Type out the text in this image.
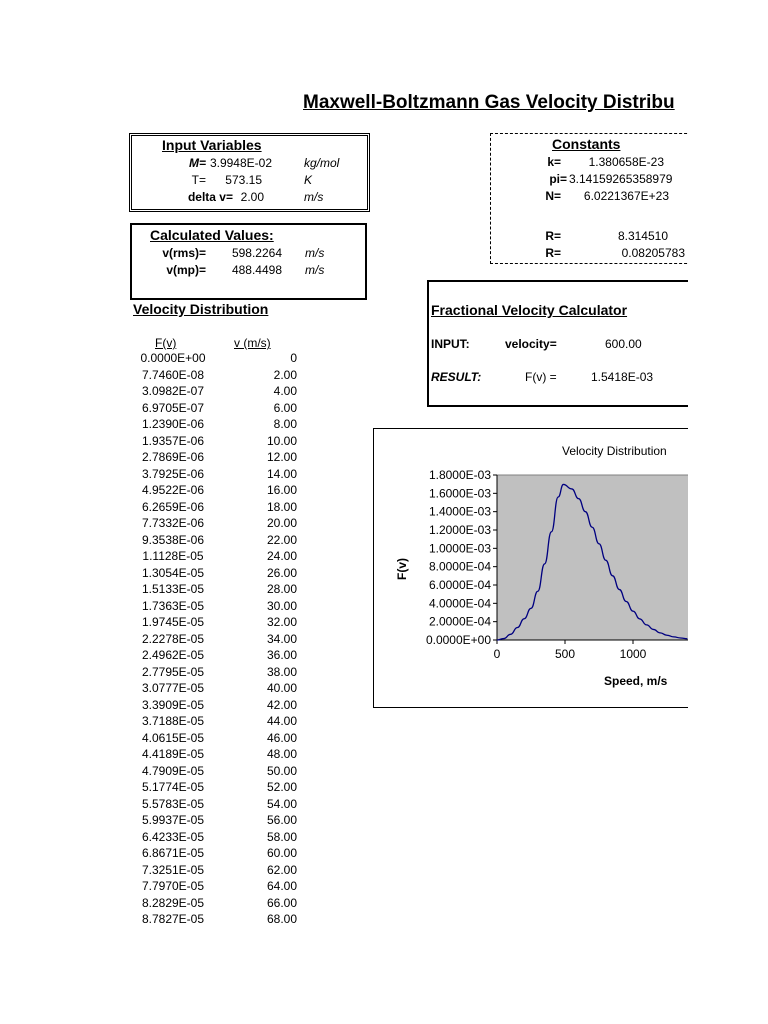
Maxwell-Boltzmann Gas Velocity Distribu
Input Variables
M= 3.9948E-02	kg/mol
T=	573.15	K
delta v= 2.00	m/s
Calculated Values:
v(rms)=	598.2264 m/s
v(mp)=	488.4498 m/s
Constants
k=	1.380658E-23
pi= 3.14159265358979
N=	6.0221367E+23
R=	8.314510
R=	0.08205783
Fractional Velocity Calculator
INPUT:	velocity=	600.00
RESULT:	F(v) =	1.5418E-03
Velocity Distribution
F(v)	v (m/s)
0.0000E+00	0
7.7460E-08	2.00
3.0982E-07	4.00
6.9705E-07	6.00
1.2390E-06	8.00
1.9357E-06	10.00
2.7869E-06	12.00
3.7925E-06	14.00
4.9522E-06	16.00
6.2659E-06	18.00
7.7332E-06	20.00
9.3538E-06	22.00
1.1128E-05	24.00
1.3054E-05	26.00
1.5133E-05	28.00
1.7363E-05	30.00
1.9745E-05	32.00
2.2278E-05	34.00
2.4962E-05	36.00
2.7795E-05	38.00
3.0777E-05	40.00
3.3909E-05	42.00
3.7188E-05	44.00
4.0615E-05	46.00
4.4189E-05	48.00
4.7909E-05	50.00
5.1774E-05	52.00
5.5783E-05	54.00
5.9937E-05	56.00
6.4233E-05	58.00
6.8671E-05	60.00
7.3251E-05	62.00
7.7970E-05	64.00
8.2829E-05	66.00
8.7827E-05	68.00
Velocity Distribution
0.0000E+00
2.0000E-04
4.0000E-04
6.0000E-04
8.0000E-04
1.0000E-03
1.2000E-03
1.4000E-03
1.6000E-03
1.8000E-03
0	500	1000
Speed, m/s
F(v)
